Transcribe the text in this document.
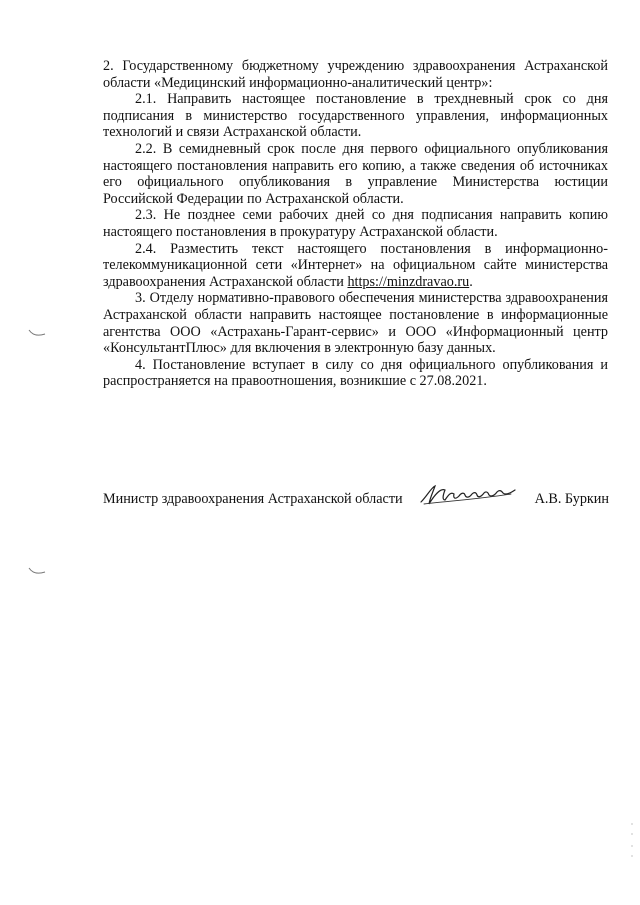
2. Государственному бюджетному учреждению здравоохранения Астраханской области «Медицинский информационно-аналитический центр»:

2.1. Направить настоящее постановление в трехдневный срок со дня подписания в министерство государственного управления, информационных технологий и связи Астраханской области.

2.2. В семидневный срок после дня первого официального опубликования настоящего постановления направить его копию, а также сведения об источниках его официального опубликования в управление Министерства юстиции Российской Федерации по Астраханской области.

2.3. Не позднее семи рабочих дней со дня подписания направить копию настоящего постановления в прокуратуру Астраханской области.

2.4. Разместить текст настоящего постановления в информационно-телекоммуникационной сети «Интернет» на официальном сайте министерства здравоохранения Астраханской области https://minzdravao.ru.

3. Отделу нормативно-правового обеспечения министерства здравоохранения Астраханской области направить настоящее постановление в информационные агентства ООО «Астрахань-Гарант-сервис» и ООО «Информационный центр «КонсультантПлюс» для включения в электронную базу данных.

4. Постановление вступает в силу со дня официального опубликования и распространяется на правоотношения, возникшие с 27.08.2021.

Министр здравоохранения Астраханской области	А.В. Буркин
